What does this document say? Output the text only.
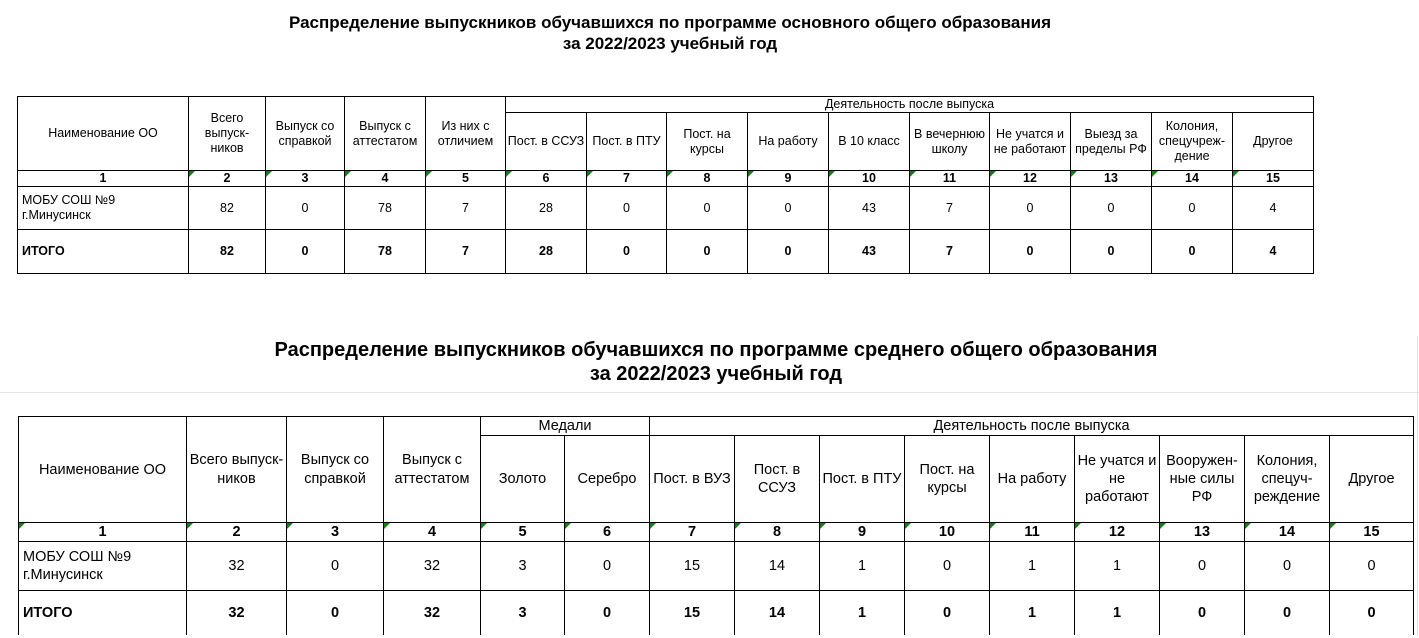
Распределение выпускников обучавшихся по программе основного общего образования
за 2022/2023 учебный год
Наименование ОО	Всего выпуск-ников	Выпуск со справкой	Выпуск с аттестатом	Из них с отличием	Деятельность после выпуска									
					Пост. в ССУЗ	Пост. в ПТУ	Пост. на курсы	На работу	В 10 класс	В вечернюю школу	Не учатся и не работают	Выезд за пределы РФ	Колония, спецучреж-дение	Другое
1	2	3	4	5	6	7	8	9	10	11	12	13	14	15
МОБУ СОШ №9 г.Минусинск	82	0	78	7	28	0	0	0	43	7	0	0	0	4
ИТОГО	82	0	78	7	28	0	0	0	43	7	0	0	0	4
Распределение выпускников обучавшихся по программе среднего общего образования
за 2022/2023 учебный год
Наименование ОО	Всего выпуск-ников	Выпуск со справкой	Выпуск с аттестатом	Медали		Деятельность после выпуска								
				Золото	Серебро	Пост. в ВУЗ	Пост. в ССУЗ	Пост. в ПТУ	Пост. на курсы	На работу	Не учатся и не работают	Вооружен-ные силы РФ	Колония, спецуч-реждение	Другое
1	2	3	4	5	6	7	8	9	10	11	12	13	14	15
МОБУ СОШ №9 г.Минусинск	32	0	32	3	0	15	14	1	0	1	1	0	0	0
ИТОГО	32	0	32	3	0	15	14	1	0	1	1	0	0	0
